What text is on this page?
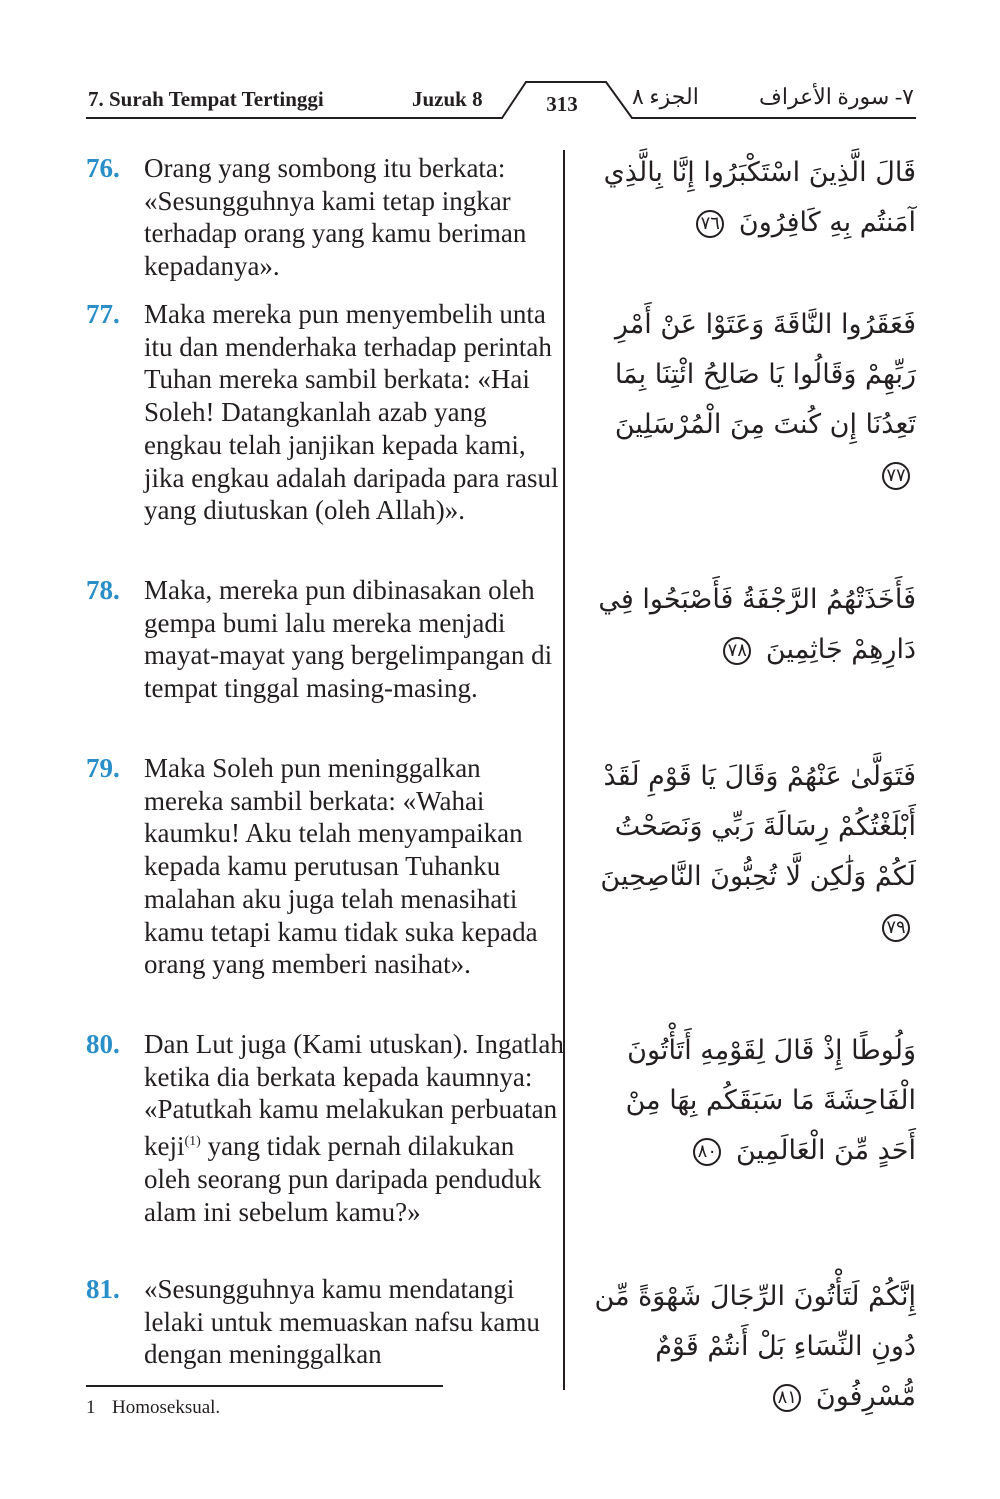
7. Surah Tempat Tertinggi	Juzuk 8	313	الجزء ٨	٧- سورة الأعراف
76. Orang yang sombong itu berkata: «Sesungguhnya kami tetap ingkar terhadap orang yang kamu beriman kepadanya».
قَالَ الَّذِينَ اسْتَكْبَرُوا إِنَّا بِالَّذِي آمَنتُم بِهِ كَافِرُونَ ٧٦
77. Maka mereka pun menyembelih unta itu dan menderhaka terhadap perintah Tuhan mereka sambil berkata: «Hai Soleh! Datangkanlah azab yang engkau telah janjikan kepada kami, jika engkau adalah daripada para rasul yang diutuskan (oleh Allah)».
فَعَقَرُوا النَّاقَةَ وَعَتَوْا عَنْ أَمْرِ رَبِّهِمْ وَقَالُوا يَا صَالِحُ ائْتِنَا بِمَا تَعِدُنَا إِن كُنتَ مِنَ الْمُرْسَلِينَ ٧٧
78. Maka, mereka pun dibinasakan oleh gempa bumi lalu mereka menjadi mayat-mayat yang bergelimpangan di tempat tinggal masing-masing.
فَأَخَذَتْهُمُ الرَّجْفَةُ فَأَصْبَحُوا فِي دَارِهِمْ جَاثِمِينَ ٧٨
79. Maka Soleh pun meninggalkan mereka sambil berkata: «Wahai kaumku! Aku telah menyampaikan kepada kamu perutusan Tuhanku malahan aku juga telah menasihati kamu tetapi kamu tidak suka kepada orang yang memberi nasihat».
فَتَوَلَّىٰ عَنْهُمْ وَقَالَ يَا قَوْمِ لَقَدْ أَبْلَغْتُكُمْ رِسَالَةَ رَبِّي وَنَصَحْتُ لَكُمْ وَلَٰكِن لَّا تُحِبُّونَ النَّاصِحِينَ ٧٩
80. Dan Lut juga (Kami utuskan). Ingatlah ketika dia berkata kepada kaumnya: «Patutkah kamu melakukan perbuatan keji$^{(1)}$ yang tidak pernah dilakukan oleh seorang pun daripada penduduk alam ini sebelum kamu?»
وَلُوطًا إِذْ قَالَ لِقَوْمِهِ أَتَأْتُونَ الْفَاحِشَةَ مَا سَبَقَكُم بِهَا مِنْ أَحَدٍ مِّنَ الْعَالَمِينَ ٨٠
81. «Sesungguhnya kamu mendatangi lelaki untuk memuaskan nafsu kamu dengan meninggalkan
إِنَّكُمْ لَتَأْتُونَ الرِّجَالَ شَهْوَةً مِّن دُونِ النِّسَاءِ بَلْ أَنتُمْ قَوْمٌ مُّسْرِفُونَ ٨١
1 Homoseksual.
